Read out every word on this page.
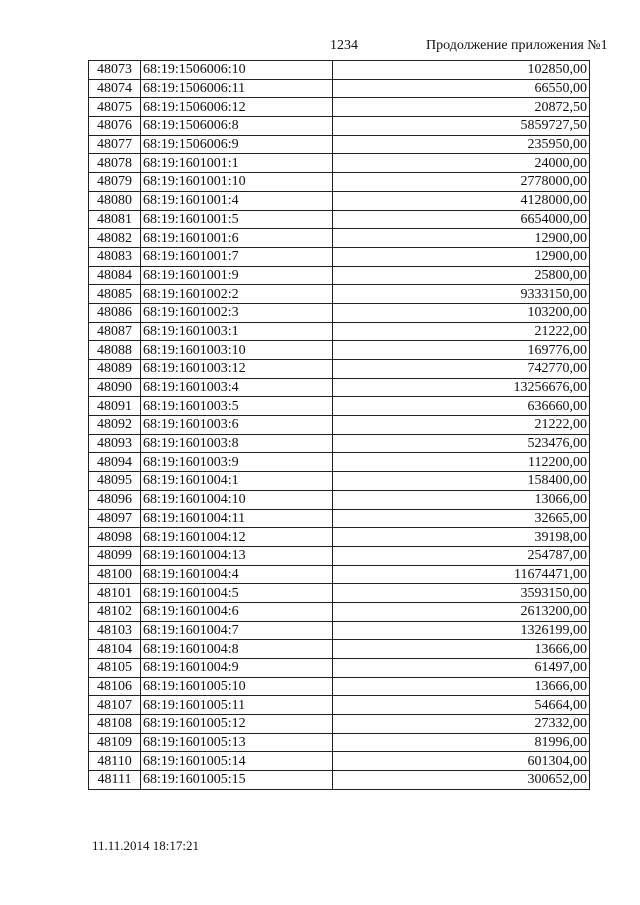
1234	Продолжение приложения №1
48073	68:19:1506006:10	102850,00
48074	68:19:1506006:11	66550,00
48075	68:19:1506006:12	20872,50
48076	68:19:1506006:8	5859727,50
48077	68:19:1506006:9	235950,00
48078	68:19:1601001:1	24000,00
48079	68:19:1601001:10	2778000,00
48080	68:19:1601001:4	4128000,00
48081	68:19:1601001:5	6654000,00
48082	68:19:1601001:6	12900,00
48083	68:19:1601001:7	12900,00
48084	68:19:1601001:9	25800,00
48085	68:19:1601002:2	9333150,00
48086	68:19:1601002:3	103200,00
48087	68:19:1601003:1	21222,00
48088	68:19:1601003:10	169776,00
48089	68:19:1601003:12	742770,00
48090	68:19:1601003:4	13256676,00
48091	68:19:1601003:5	636660,00
48092	68:19:1601003:6	21222,00
48093	68:19:1601003:8	523476,00
48094	68:19:1601003:9	112200,00
48095	68:19:1601004:1	158400,00
48096	68:19:1601004:10	13066,00
48097	68:19:1601004:11	32665,00
48098	68:19:1601004:12	39198,00
48099	68:19:1601004:13	254787,00
48100	68:19:1601004:4	11674471,00
48101	68:19:1601004:5	3593150,00
48102	68:19:1601004:6	2613200,00
48103	68:19:1601004:7	1326199,00
48104	68:19:1601004:8	13666,00
48105	68:19:1601004:9	61497,00
48106	68:19:1601005:10	13666,00
48107	68:19:1601005:11	54664,00
48108	68:19:1601005:12	27332,00
48109	68:19:1601005:13	81996,00
48110	68:19:1601005:14	601304,00
48111	68:19:1601005:15	300652,00
11.11.2014 18:17:21
